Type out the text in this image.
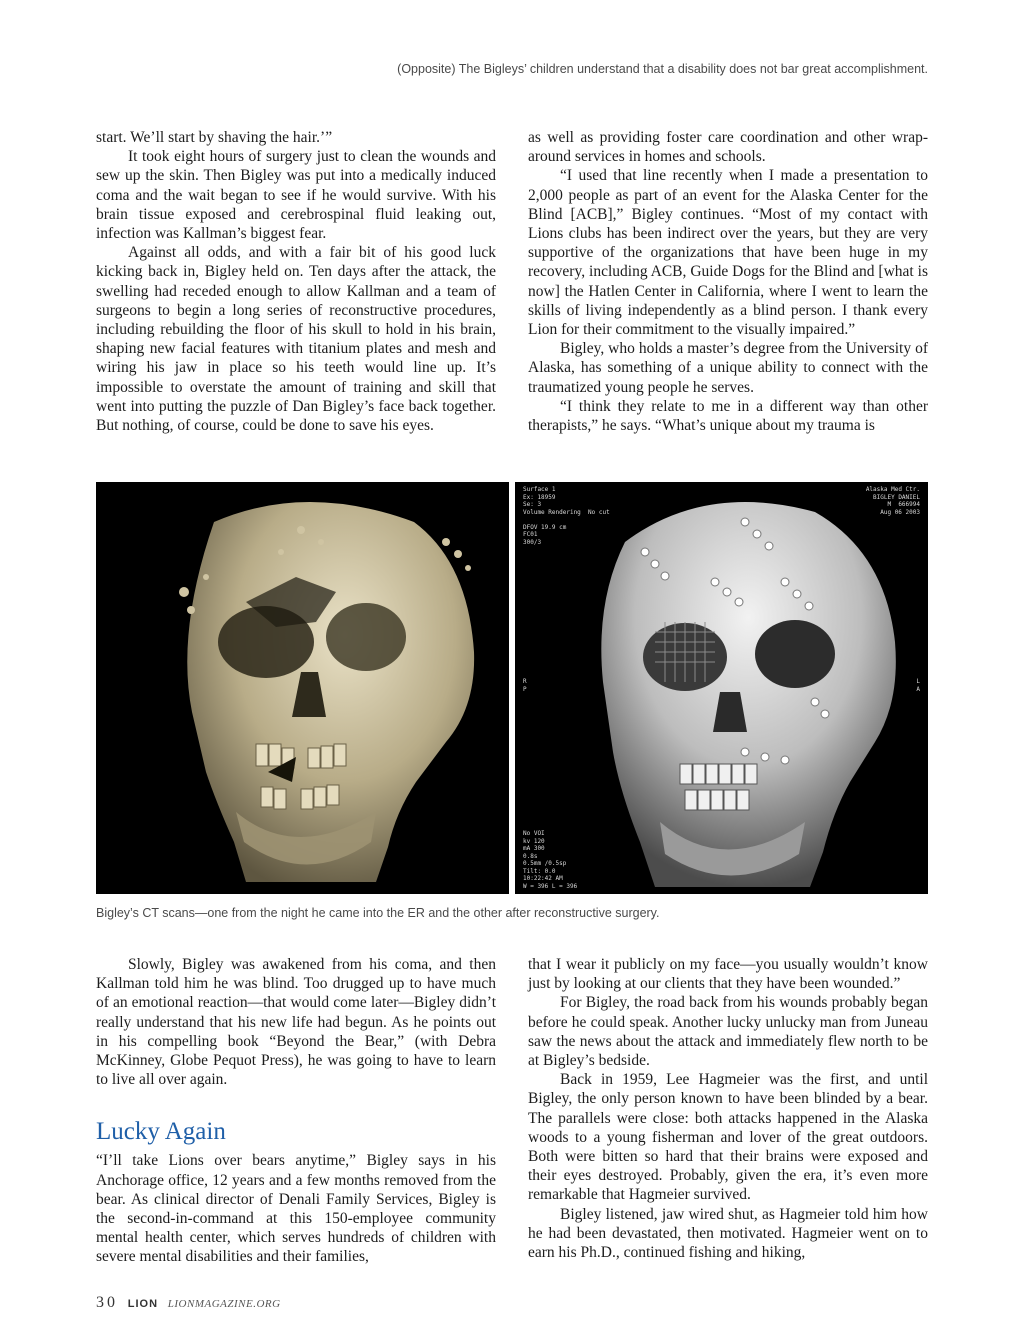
(Opposite) The Bigleys’ children understand that a disability does not bar great accomplishment.

start. We’ll start by shaving the hair.’”

It took eight hours of surgery just to clean the wounds and sew up the skin. Then Bigley was put into a medically induced coma and the wait began to see if he would survive. With his brain tissue exposed and cerebrospinal fluid leaking out, infection was Kallman’s biggest fear.

Against all odds, and with a fair bit of his good luck kicking back in, Bigley held on. Ten days after the attack, the swelling had receded enough to allow Kallman and a team of surgeons to begin a long series of reconstructive procedures, including rebuilding the floor of his skull to hold in his brain, shaping new facial features with titanium plates and mesh and wiring his jaw in place so his teeth would line up. It’s impossible to overstate the amount of training and skill that went into putting the puzzle of Dan Bigley’s face back together. But nothing, of course, could be done to save his eyes.

as well as providing foster care coordination and other wrap-around services in homes and schools.

“I used that line recently when I made a presentation to 2,000 people as part of an event for the Alaska Center for the Blind [ACB],” Bigley continues. “Most of my contact with Lions clubs has been indirect over the years, but they are very supportive of the organizations that have been huge in my recovery, including ACB, Guide Dogs for the Blind and [what is now] the Hatlen Center in California, where I went to learn the skills of living independently as a blind person. I thank every Lion for their commitment to the visually impaired.”

Bigley, who holds a master’s degree from the University of Alaska, has something of a unique ability to connect with the traumatized young people he serves.

“I think they relate to me in a different way than other therapists,” he says. “What’s unique about my trauma is

Surface 1
Ex: 18959
Se: 3
Volume Rendering  No cut

DFOV 19.9 cm
FC01
300/3
Alaska Med Ctr.
BIGLEY DANIEL
M  666994
Aug 06 2003
R
P
L
A
No VOI
kv 120
mA 300
0.8s
0.5mm /0.5sp
Tilt: 0.0
10:22:42 AM
W = 396 L = 396
Bigley’s CT scans—one from the night he came into the ER and the other after reconstructive surgery.

Slowly, Bigley was awakened from his coma, and then Kallman told him he was blind. Too drugged up to have much of an emotional reaction—that would come later—Bigley didn’t really understand that his new life had begun. As he points out in his compelling book “Beyond the Bear,” (with Debra McKinney, Globe Pequot Press), he was going to have to learn to live all over again.

Lucky Again

“I’ll take Lions over bears anytime,” Bigley says in his Anchorage office, 12 years and a few months removed from the bear. As clinical director of Denali Family Services, Bigley is the second-in-command at this 150-employee community mental health center, which serves hundreds of children with severe mental disabilities and their families,

that I wear it publicly on my face—you usually wouldn’t know just by looking at our clients that they have been wounded.”

For Bigley, the road back from his wounds probably began before he could speak. Another lucky unlucky man from Juneau saw the news about the attack and immediately flew north to be at Bigley’s bedside.

Back in 1959, Lee Hagmeier was the first, and until Bigley, the only person known to have been blinded by a bear. The parallels were close: both attacks happened in the Alaska woods to a young fisherman and lover of the great outdoors. Both were bitten so hard that their brains were exposed and their eyes destroyed. Probably, given the era, it’s even more remarkable that Hagmeier survived.

Bigley listened, jaw wired shut, as Hagmeier told him how he had been devastated, then motivated. Hagmeier went on to earn his Ph.D., continued fishing and hiking,

30 LION LIONMAGAZINE.ORG
